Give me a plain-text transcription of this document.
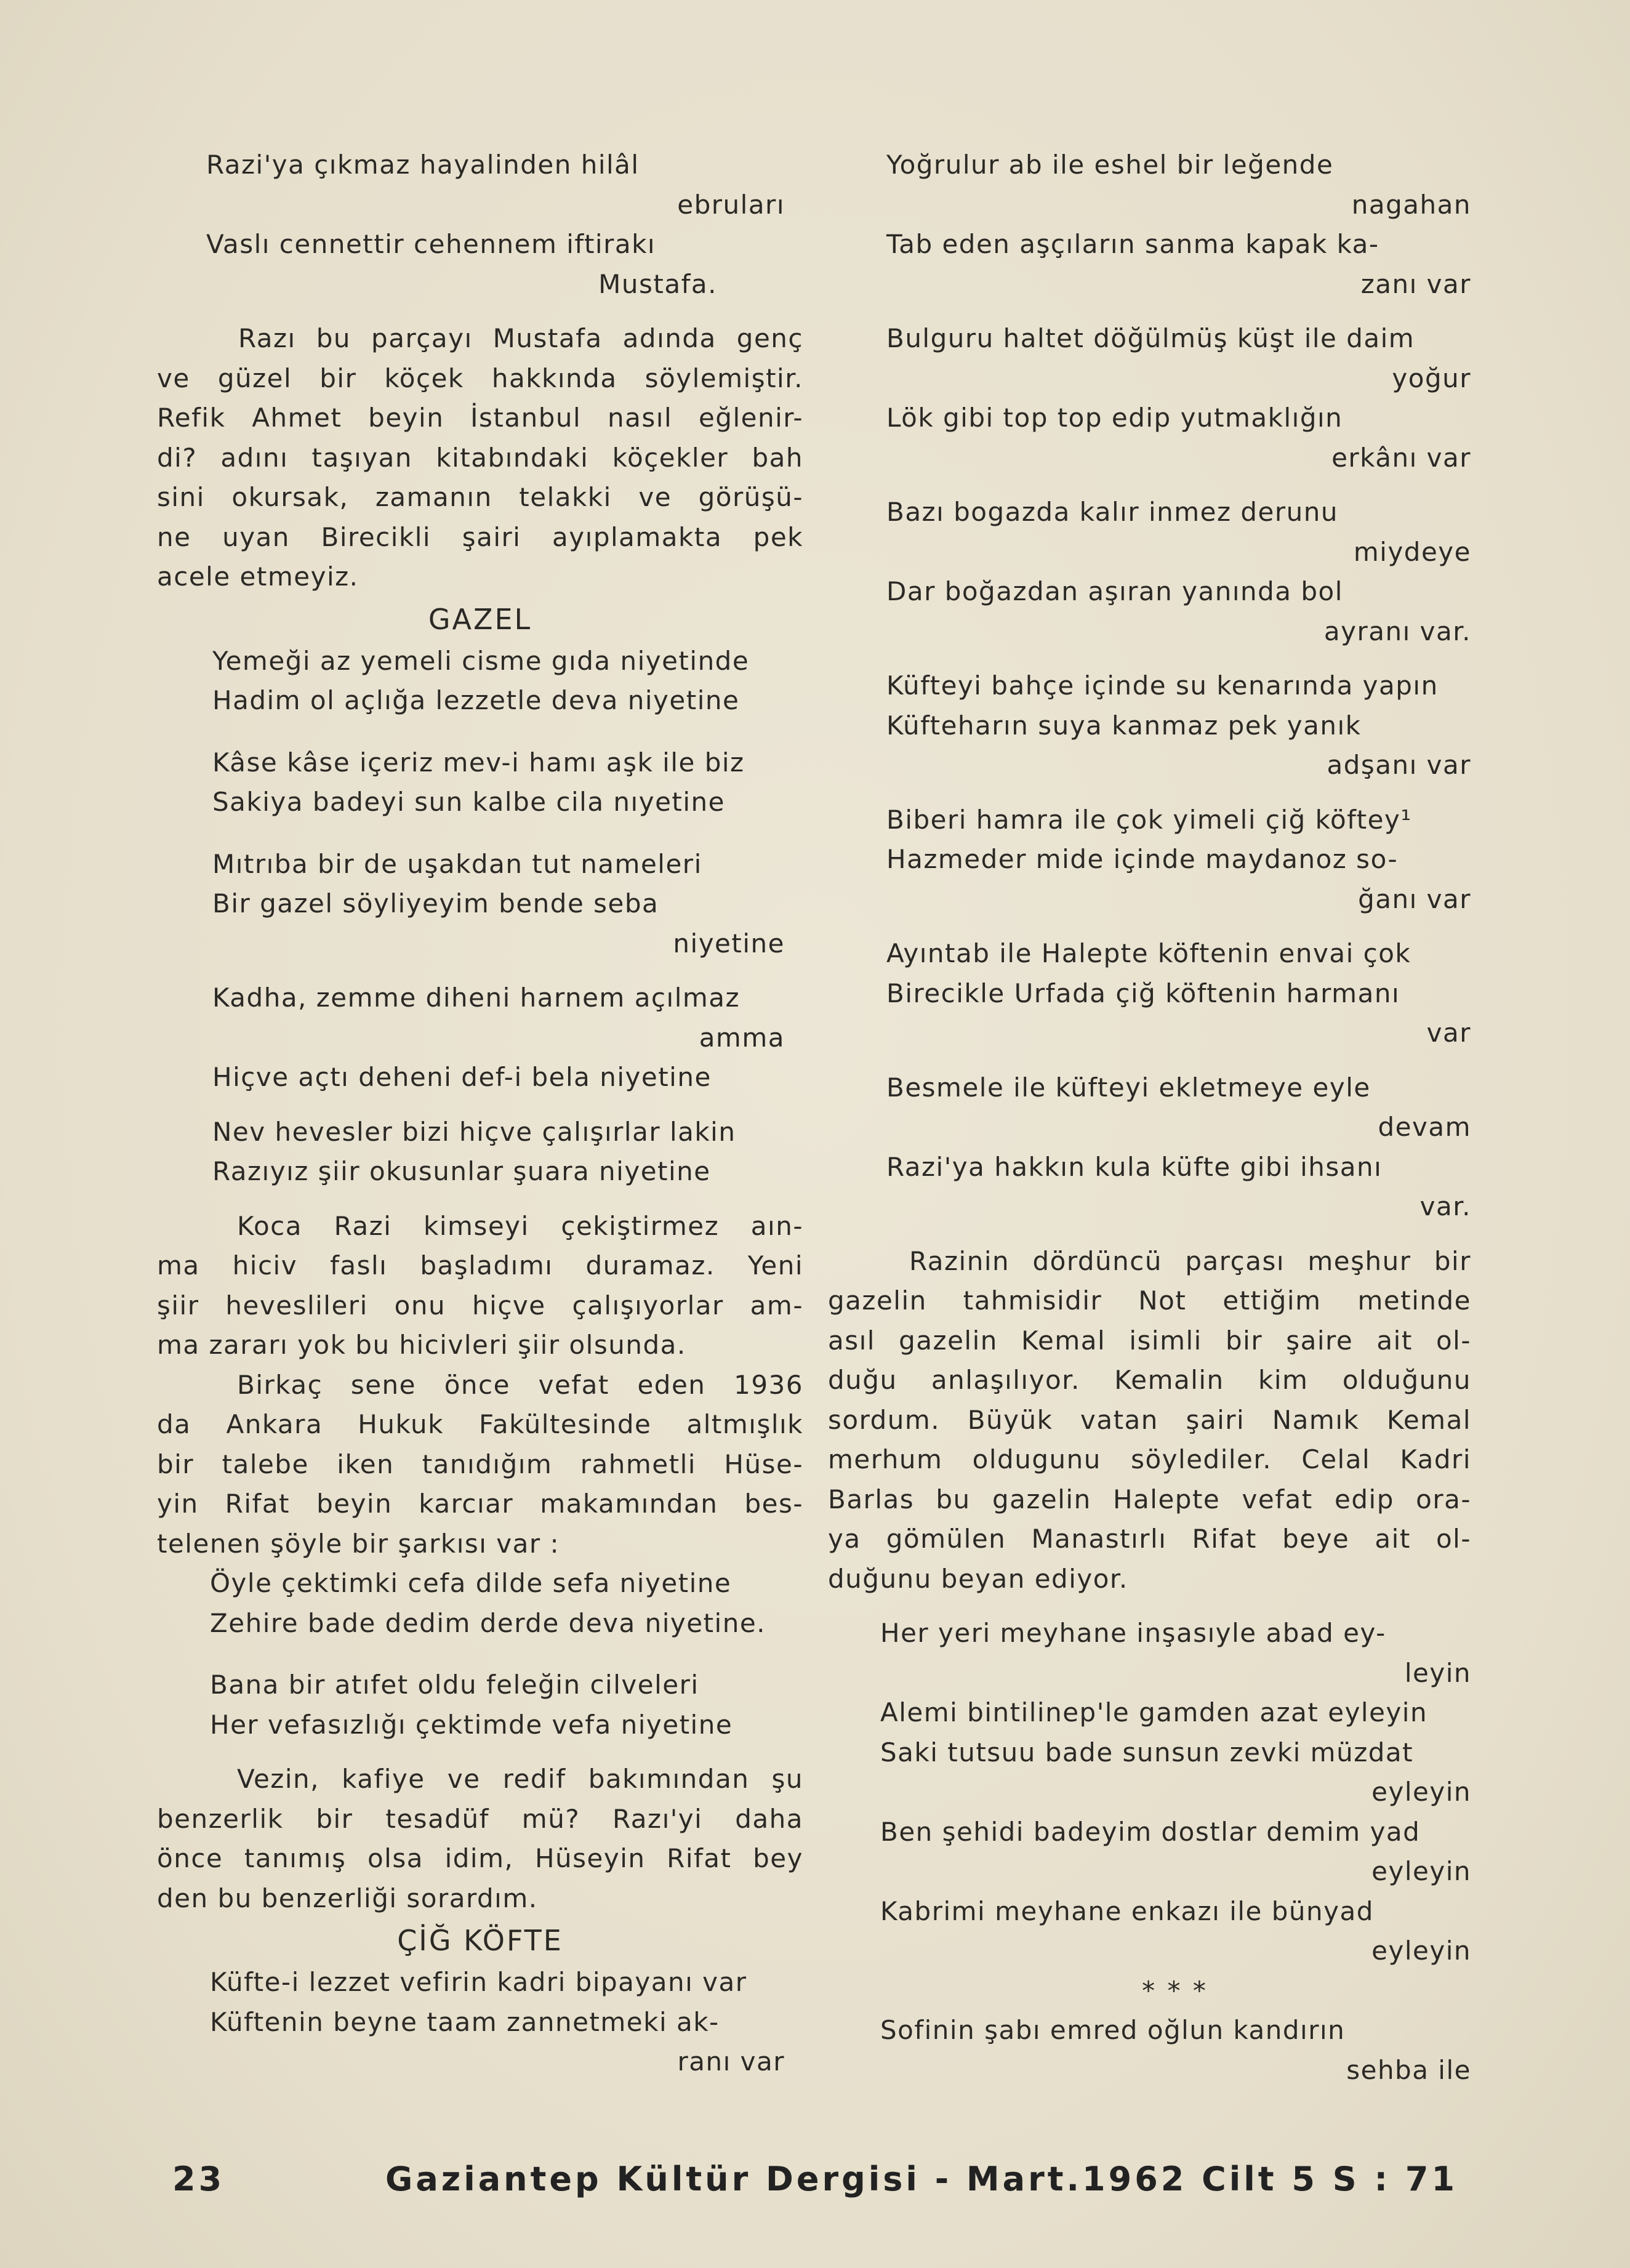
Razi'ya çıkmaz hayalinden hilâl
ebruları
Vaslı cennettir cehennem iftirakı
Mustafa.
Razı bu parçayı Mustafa adında genç
ve güzel bir köçek hakkında söylemiştir.
Refik Ahmet beyin İstanbul nasıl eğlenir-
di? adını taşıyan kitabındaki köçekler bah
sini okursak, zamanın telakki ve görüşü-
ne uyan Birecikli şairi ayıplamakta pek
acele etmeyiz.
GAZEL
Yemeği az yemeli cisme gıda niyetinde
Hadim ol açlığa lezzetle deva niyetine
Kâse kâse içeriz mev-i hamı aşk ile biz
Sakiya badeyi sun kalbe cila nıyetine
Mıtrıba bir de uşakdan tut nameleri
Bir gazel söyliyeyim bende seba
niyetine
Kadha, zemme diheni harnem açılmaz
amma
Hiçve açtı deheni def-i bela niyetine
Nev hevesler bizi hiçve çalışırlar lakin
Razıyız şiir okusunlar şuara niyetine
Koca Razi kimseyi çekiştirmez aın-
ma hiciv faslı başladımı duramaz. Yeni
şiir hevesli̇leri onu hiçve çalışıyorlar am-
ma zararı yok bu hicivleri şiir olsunda.
Birkaç sene önce vefat eden 1936
da Ankara Hukuk Fakültesinde altmışlık
bir talebe iken tanıdığım rahmetli Hüse-
yin Rifat beyin karcıar makamından bes-
telenen şöyle bir şarkısı var :
Öyle çektimki cefa dilde sefa niyetine
Zehire bade dedim derde deva niyetine.
Bana bir atıfet oldu feleğin cilveleri
Her vefasızlığı çektimde vefa niyetine
Vezin, kafiye ve redif bakımından şu
benzerlik bir tesadüf mü? Razı'yi daha
önce tanımış olsa idim, Hüseyin Rifat bey
den bu benzerliği sorardım.
ÇİĞ KÖFTE
Küfte-i lezzet vefirin kadri bipayanı var
Küftenin beyne taam zannetmeki ak-
ranı var
Yoğrulur ab ile eshel bir leğende
nagahan
Tab eden aşçıların sanma kapak ka-
zanı var
Bulguru haltet döğülmüş küşt ile daim
yoğur
Lök gibi top top edip yutmaklığın
erkânı var
Bazı bogazda kalır inmez derunu
miydeye
Dar boğazdan aşıran yanında bol
ayranı var.
Küfteyi bahçe içinde su kenarında yapın
Küfteharın suya kanmaz pek yanık
adşanı var
Biberi hamra ile çok yimeli çiğ köftey¹
Hazmeder mide içinde maydanoz so-
ğanı var
Ayıntab ile Halepte köftenin envai çok
Birecikle Urfada çiğ köftenin harmanı
var
Besmele ile küfteyi ekletmeye eyle
devam
Razi'ya hakkın kula küfte gibi ihsanı
var.
Razinin dördüncü parçası meşhur bir
gazelin tahmisidir Not ettiğim metinde
asıl gazelin Kemal isimli bir şaire ait ol-
duğu anlaşılıyor. Kemalin kim olduğunu
sordum. Büyük vatan şairi Namık Kemal
merhum oldugunu söylediler. Celal Kadri
Barlas bu gazelin Halepte vefat edip ora-
ya gömülen Manastırlı Rifat beye ait ol-
duğunu beyan ediyor.
Her yeri meyhane inşasıyle abad ey-
leyin
Alemi bintilinep'le gamden azat eyleyin
Saki tutsuu bade sunsun zevki müzdat
eyleyin
Ben şehidi badeyim dostlar demim yad
eyleyin
Kabrimi meyhane enkazı ile bünyad
eyleyin
* * *
Sofinin şabı emred oğlun kandırın
sehba ile
23	Gaziantep Kültür Dergisi - Mart.1962 Cilt 5 S : 71
